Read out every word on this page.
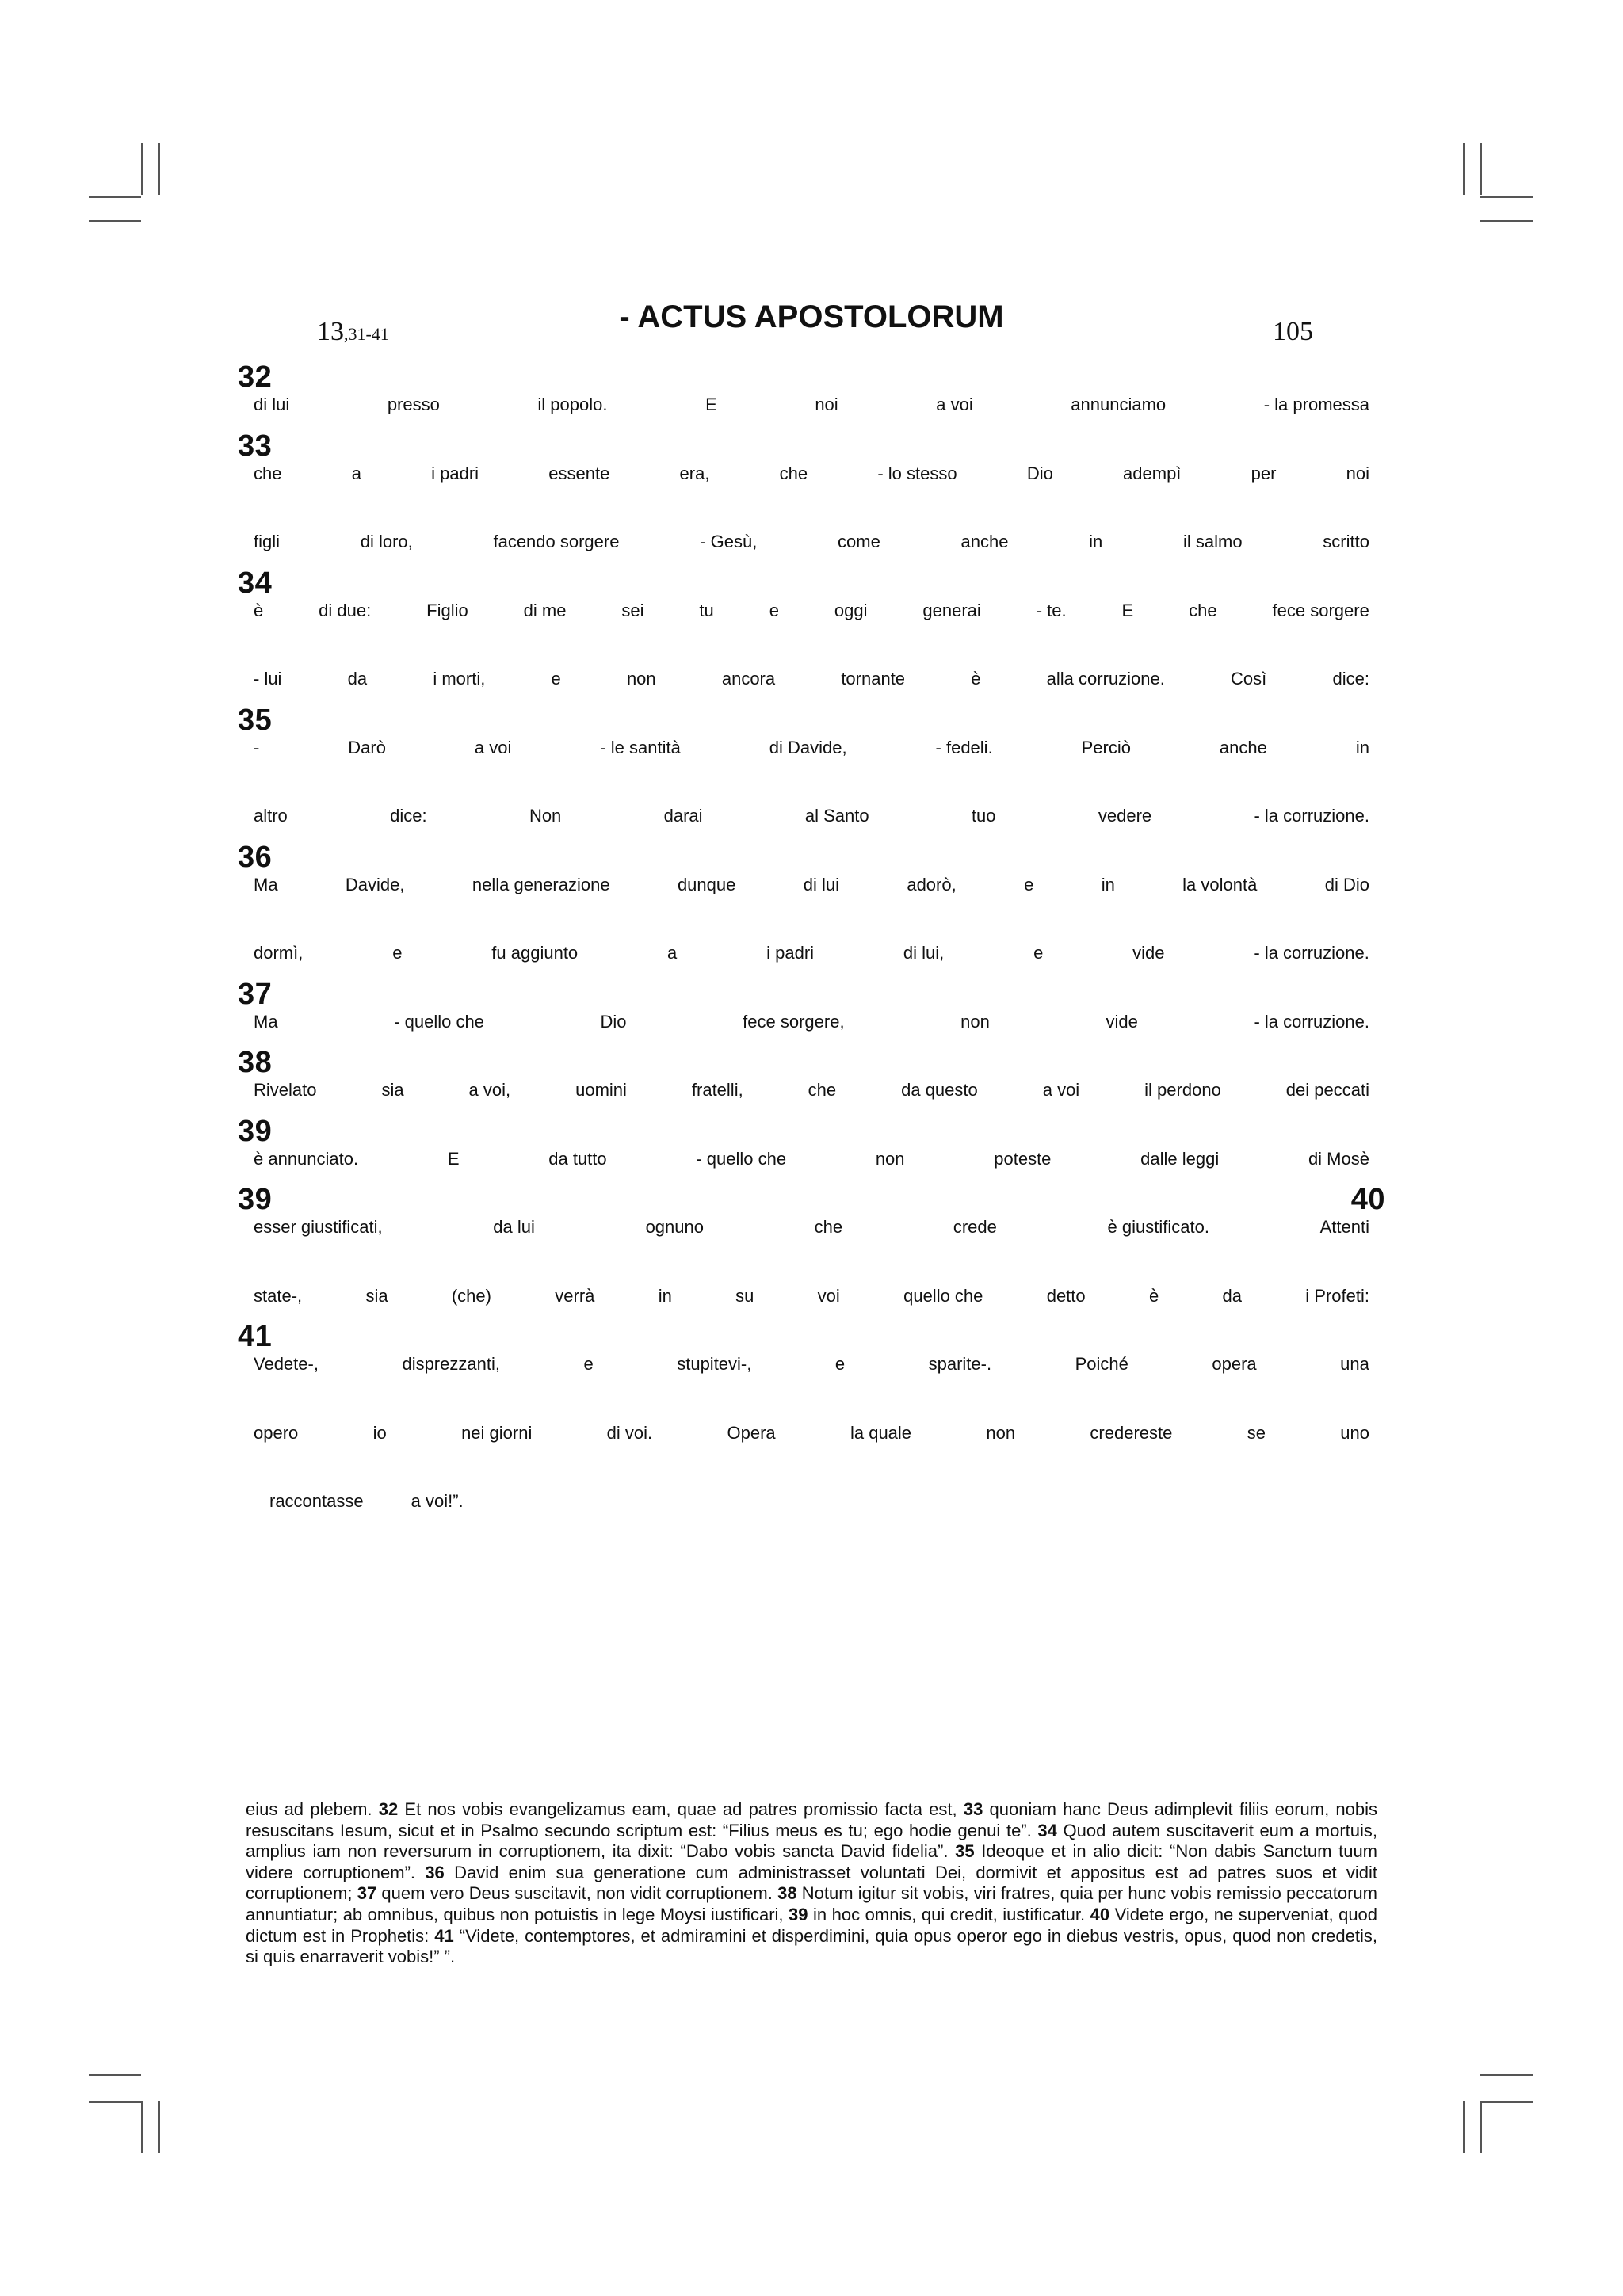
13,31-41	- ACTUS APOSTOLORUM	105
32
di lui	presso	il popolo.	E	noi	a voi	annunciamo	- la promessa
33
che	a	i padri	essente	era,	che	- lo stesso	Dio	adempì	per	noi
figli	di loro,	facendo sorgere	- Gesù,	come	anche	in	il salmo	scritto
34
è	di due:	Figlio	di me	sei	tu	e	oggi	generai	- te.	E	che	fece sorgere
- lui	da	i morti,	e	non	ancora	tornante	è	alla corruzione.	Così	dice:
35
-	Darò	a voi	- le santità	di Davide,	- fedeli.	Perciò	anche	in
altro	dice:	Non	darai	al Santo	tuo	vedere	- la corruzione.
36
Ma	Davide,	nella generazione	dunque	di lui	adorò,	e	in	la volontà	di Dio
dormì,	e	fu aggiunto	a	i padri	di lui,	e	vide	- la corruzione.
37
Ma	- quello che	Dio	fece sorgere,	non	vide	- la corruzione.
38
Rivelato	sia	a voi,	uomini	fratelli,	che	da questo	a voi	il perdono	dei peccati
39
è annunciato.	E	da tutto	- quello che	non	poteste	dalle leggi	di Mosè
39	40
esser giustificati,	da lui	ognuno	che	crede	è giustificato.	Attenti
state-,	sia	(che)	verrà	in	su	voi	quello che	detto	è	da	i Profeti:
41
Vedete-,	disprezzanti,	e	stupitevi-,	e	sparite-.	Poiché	opera	una
opero	io	nei giorni	di voi.	Opera	la quale	non	credereste	se	uno
raccontasse	a voi!”.
eius ad plebem. 32 Et nos vobis evangelizamus eam, quae ad patres promissio facta est, 33 quoniam hanc Deus adimplevit filiis eorum, nobis resuscitans Iesum, sicut et in Psalmo secundo scriptum est: “Filius meus es tu; ego hodie genui te”. 34 Quod autem suscitaverit eum a mortuis, amplius iam non reversurum in corruptionem, ita dixit: “Dabo vobis sancta David fidelia”. 35 Ideoque et in alio dicit: “Non dabis Sanctum tuum videre corruptionem”. 36 David enim sua generatione cum administrasset voluntati Dei, dormivit et appositus est ad patres suos et vidit corruptionem; 37 quem vero Deus suscitavit, non vidit corruptionem. 38 Notum igitur sit vobis, viri fratres, quia per hunc vobis remissio peccatorum annuntiatur; ab omnibus, quibus non potuistis in lege Moysi iustificari, 39 in hoc omnis, qui credit, iustificatur. 40 Videte ergo, ne superveniat, quod dictum est in Prophetis: 41 “Videte, contemptores, et admiramini et disperdimini, quia opus operor ego in diebus vestris, opus, quod non credetis, si quis enarraverit vobis!” ”.
